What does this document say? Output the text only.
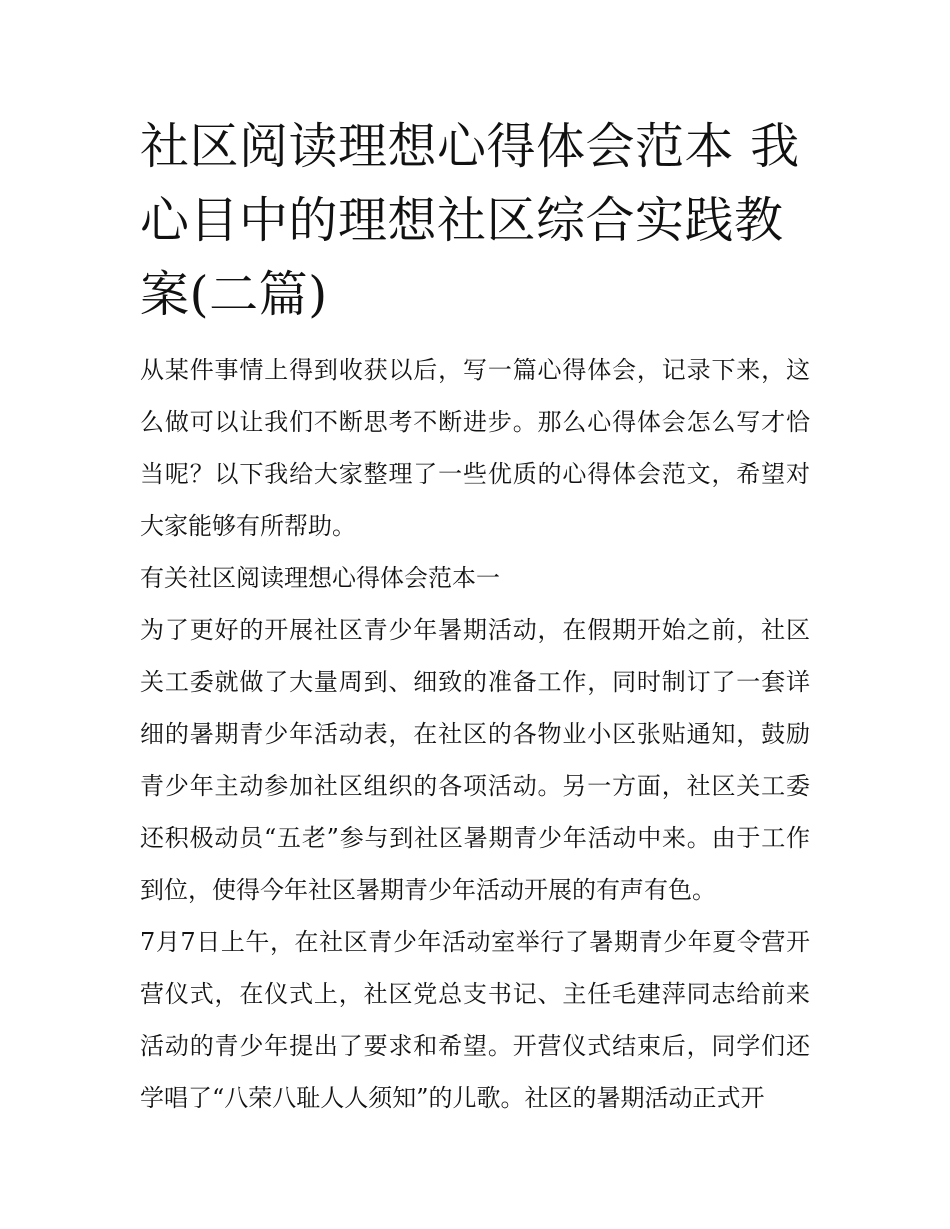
社区阅读理想心得体会范本 我心目中的理想社区综合实践教案(二篇)

从某件事情上得到收获以后，写一篇心得体会，记录下来，这么做可以让我们不断思考不断进步。那么心得体会怎么写才恰当呢？以下我给大家整理了一些优质的心得体会范文，希望对大家能够有所帮助。

有关社区阅读理想心得体会范本一

为了更好的开展社区青少年暑期活动，在假期开始之前，社区关工委就做了大量周到、细致的准备工作，同时制订了一套详细的暑期青少年活动表，在社区的各物业小区张贴通知，鼓励青少年主动参加社区组织的各项活动。另一方面，社区关工委还积极动员“五老”参与到社区暑期青少年活动中来。由于工作到位，使得今年社区暑期青少年活动开展的有声有色。

7月7日上午，在社区青少年活动室举行了暑期青少年夏令营开营仪式，在仪式上，社区党总支书记、主任毛建萍同志给前来活动的青少年提出了要求和希望。开营仪式结束后，同学们还学唱了“八荣八耻人人须知”的儿歌。社区的暑期活动正式开
